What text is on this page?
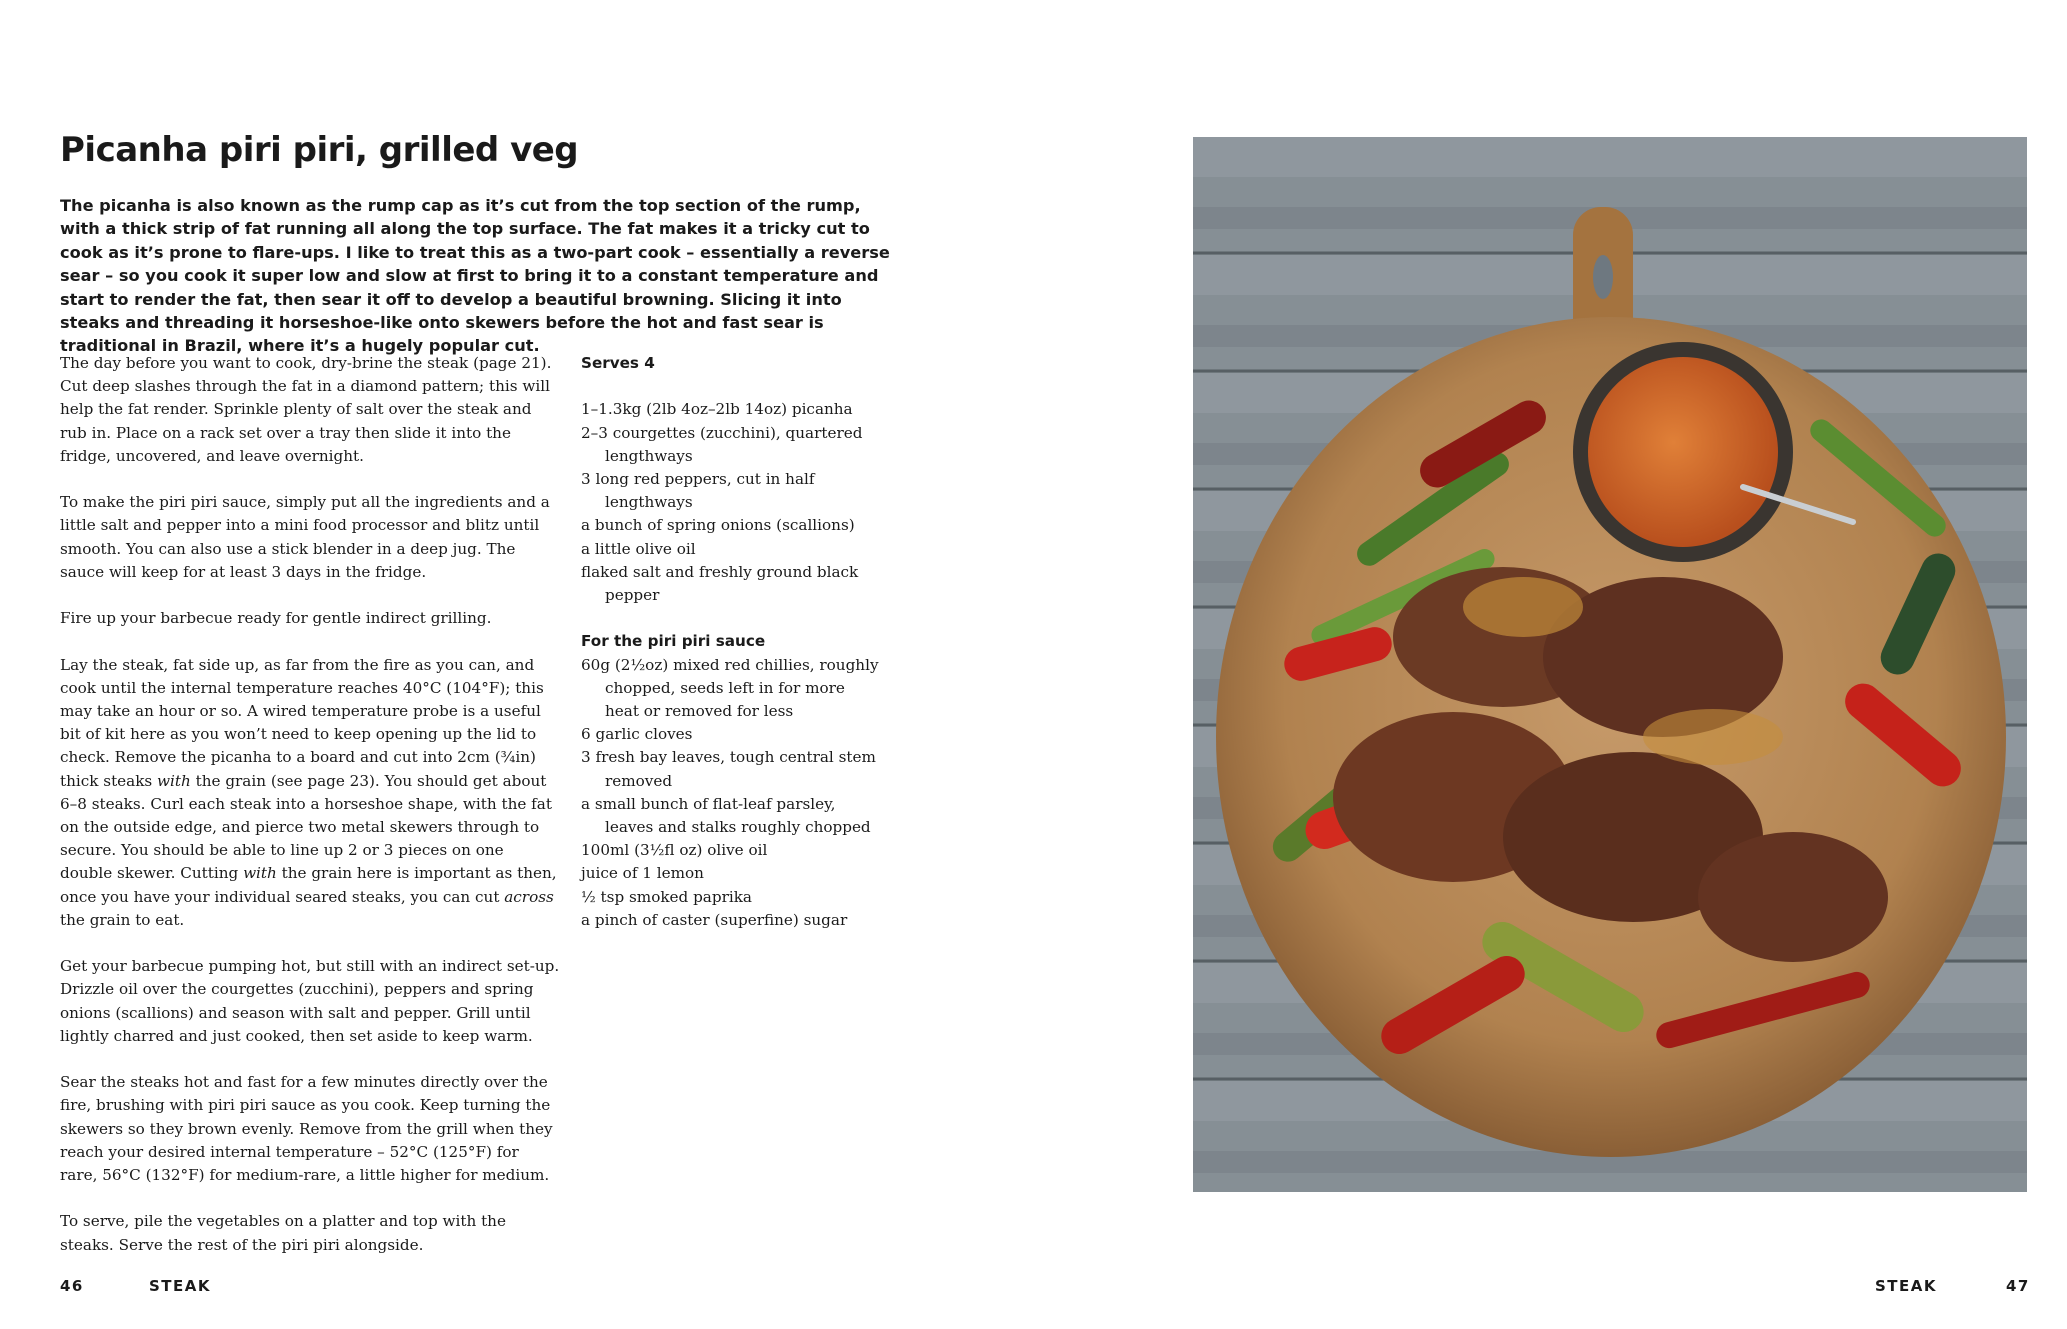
Picanha piri piri, grilled veg

The picanha is also known as the rump cap as it’s cut from the top section of the rump, with a thick strip of fat running all along the top surface. The fat makes it a tricky cut to cook as it’s prone to flare-ups. I like to treat this as a two-part cook – essentially a reverse sear – so you cook it super low and slow at first to bring it to a constant temperature and start to render the fat, then sear it off to develop a beautiful browning. Slicing it into steaks and threading it horseshoe-like onto skewers before the hot and fast sear is traditional in Brazil, where it’s a hugely popular cut.

The day before you want to cook, dry-brine the steak (page 21). Cut deep slashes through the fat in a diamond pattern; this will help the fat render. Sprinkle plenty of salt over the steak and rub in. Place on a rack set over a tray then slide it into the fridge, uncovered, and leave overnight.

To make the piri piri sauce, simply put all the ingredients and a little salt and pepper into a mini food processor and blitz until smooth. You can also use a stick blender in a deep jug. The sauce will keep for at least 3 days in the fridge.

Fire up your barbecue ready for gentle indirect grilling.

Lay the steak, fat side up, as far from the fire as you can, and cook until the internal temperature reaches 40°C (104°F); this may take an hour or so. A wired temperature probe is a useful bit of kit here as you won’t need to keep opening up the lid to check. Remove the picanha to a board and cut into 2cm (¾in) thick steaks with the grain (see page 23). You should get about 6–8 steaks. Curl each steak into a horseshoe shape, with the fat on the outside edge, and pierce two metal skewers through to secure. You should be able to line up 2 or 3 pieces on one double skewer. Cutting with the grain here is important as then, once you have your individual seared steaks, you can cut across the grain to eat.

Get your barbecue pumping hot, but still with an indirect set-up. Drizzle oil over the courgettes (zucchini), peppers and spring onions (scallions) and season with salt and pepper. Grill until lightly charred and just cooked, then set aside to keep warm.

Sear the steaks hot and fast for a few minutes directly over the fire, brushing with piri piri sauce as you cook. Keep turning the skewers so they brown evenly. Remove from the grill when they reach your desired internal temperature – 52°C (125°F) for rare, 56°C (132°F) for medium-rare, a little higher for medium.

To serve, pile the vegetables on a platter and top with the steaks. Serve the rest of the piri piri alongside.

Serves 4
1–1.3kg (2lb 4oz–2lb 14oz) picanha
2–3 courgettes (zucchini), quartered lengthways
3 long red peppers, cut in half lengthways
a bunch of spring onions (scallions)
a little olive oil
flaked salt and freshly ground black pepper
For the piri piri sauce
60g (2½oz) mixed red chillies, roughly chopped, seeds left in for more heat or removed for less
6 garlic cloves
3 fresh bay leaves, tough central stem removed
a small bunch of flat-leaf parsley, leaves and stalks roughly chopped
100ml (3½fl oz) olive oil
juice of 1 lemon
½ tsp smoked paprika
a pinch of caster (superfine) sugar
46	STEAK	STEAK	47
